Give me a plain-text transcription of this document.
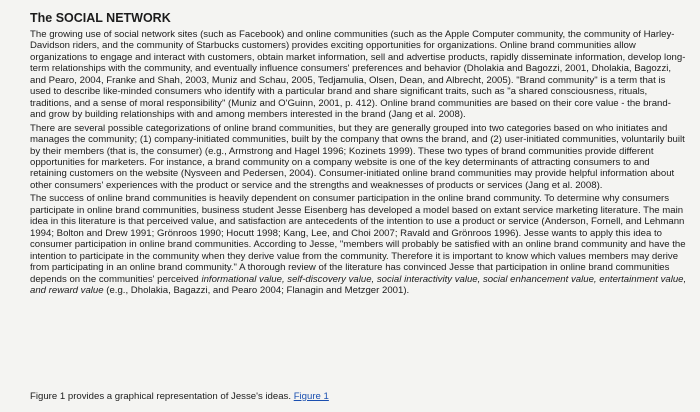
The SOCIAL NETWORK

The growing use of social network sites (such as Facebook) and online communities (such as the Apple Computer community, the community of Harley-Davidson riders, and the community of Starbucks customers) provides exciting opportunities for organizations. Online brand communities allow organizations to engage and interact with customers, obtain market information, sell and advertise products, rapidly disseminate information, develop long-term relationships with the community, and eventually influence consumers' preferences and behavior (Dholakia and Bagozzi, 2001, Dholakia, Bagozzi, and Pearo, 2004, Franke and Shah, 2003, Muniz and Schau, 2005, Tedjamulia, Olsen, Dean, and Albrecht, 2005). "Brand community" is a term that is used to describe like-minded consumers who identify with a particular brand and share significant traits, such as "a shared consciousness, rituals, traditions, and a sense of moral responsibility" (Muniz and O'Guinn, 2001, p. 412). Online brand communities are based on their core value - the brand- and grow by building relationships with and among members interested in the brand (Jang et al. 2008).

There are several possible categorizations of online brand communities, but they are generally grouped into two categories based on who initiates and manages the community; (1) company-initiated communities, built by the company that owns the brand, and (2) user-initiated communities, voluntarily built by their members (that is, the consumer) (e.g., Armstrong and Hagel 1996; Kozinets 1999). These two types of brand communities provide different opportunities for marketers. For instance, a brand community on a company website is one of the key determinants of attracting consumers to and retaining customers on the website (Nysveen and Pedersen, 2004). Consumer-initiated online brand communities may provide helpful information about other consumers' experiences with the product or service and the strengths and weaknesses of products or services (Jang et al. 2008).

The success of online brand communities is heavily dependent on consumer participation in the online brand community. To determine why consumers participate in online brand communities, business student Jesse Eisenberg has developed a model based on extant service marketing literature. The main idea in this literature is that perceived value, and satisfaction are antecedents of the intention to use a product or service (Anderson, Fornell, and Lehmann 1994; Bolton and Drew 1991; Grönroos 1990; Hocutt 1998; Kang, Lee, and Choi 2007; Ravald and Grönroos 1996). Jesse wants to apply this idea to consumer participation in online brand communities. According to Jesse, "members will probably be satisfied with an online brand community and have the intention to participate in the community when they derive value from the community. Therefore it is important to know which values members may derive from participating in an online brand community." A thorough review of the literature has convinced Jesse that participation in online brand communities depends on the communities' perceived informational value, self-discovery value, social interactivity value, social enhancement value, entertainment value, and reward value (e.g., Dholakia, Bagazzi, and Pearo 2004; Flanagin and Metzger 2001).

Figure 1 provides a graphical representation of Jesse's ideas. Figure 1
